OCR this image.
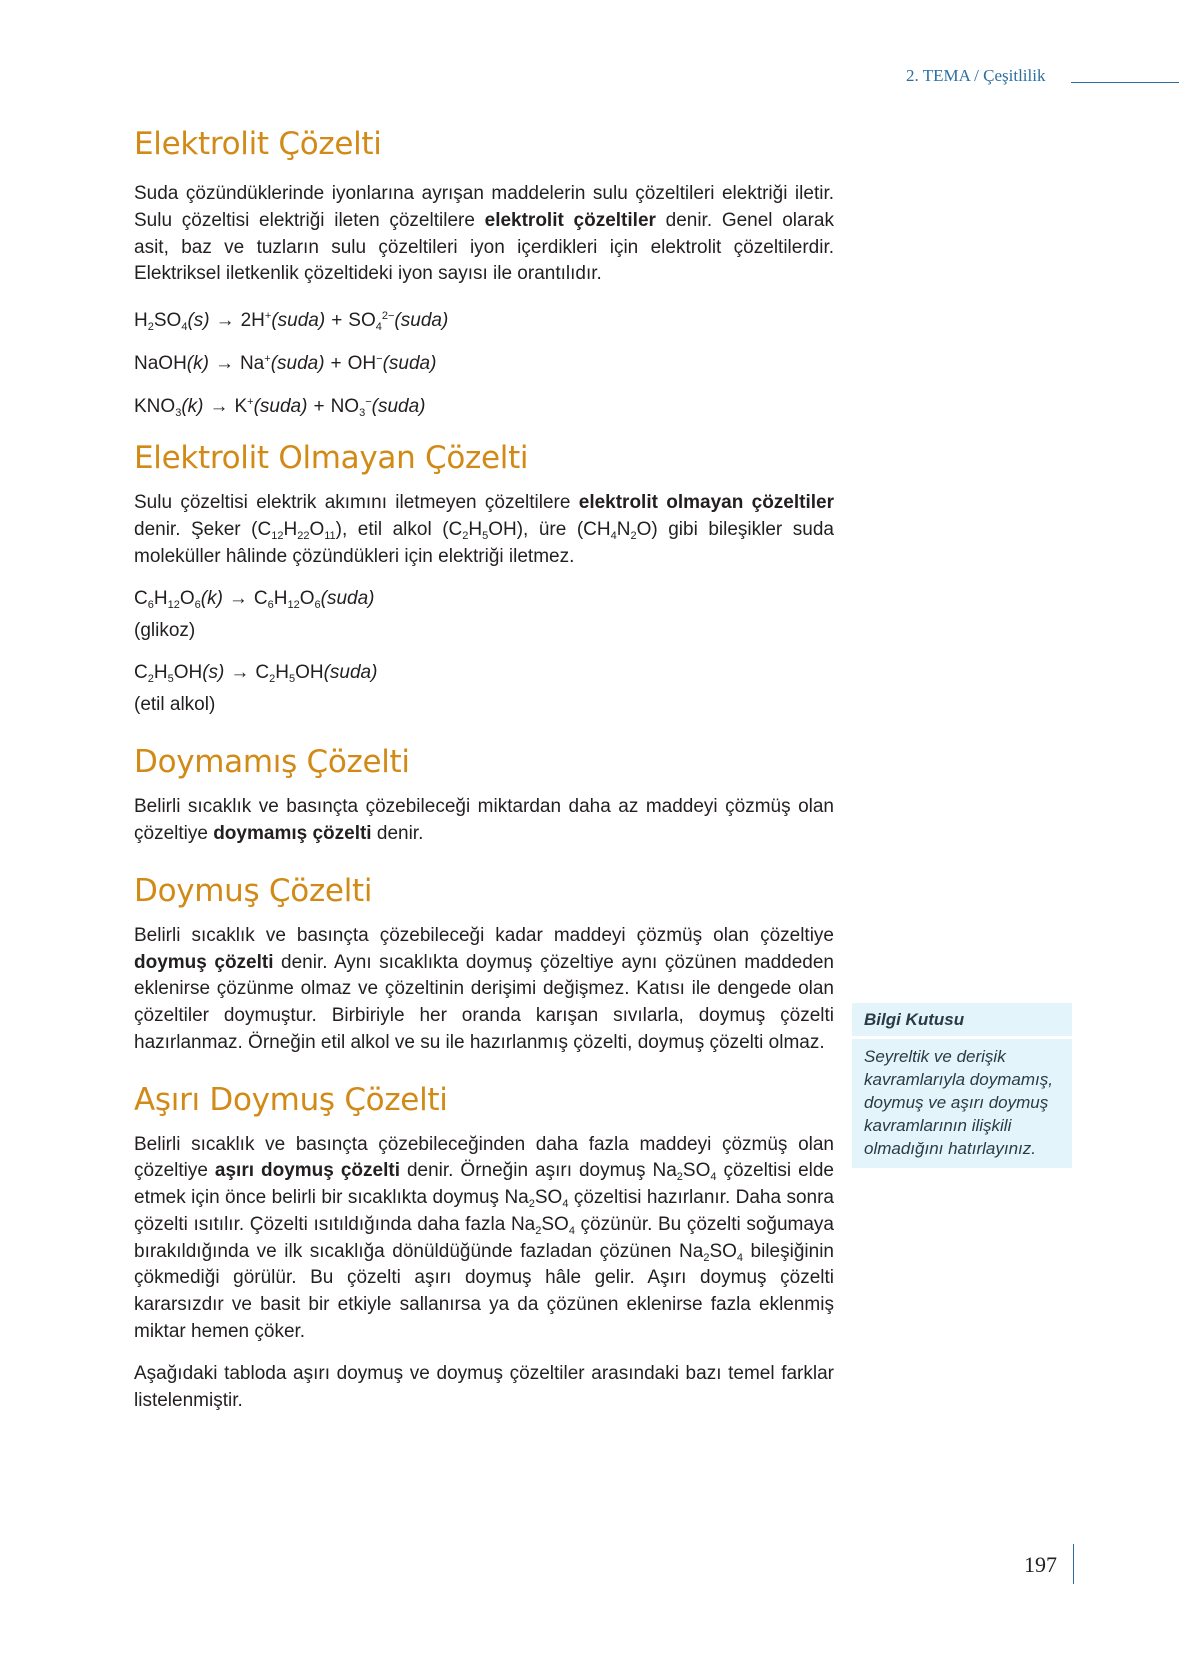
2. TEMA / Çeşitlilik
Elektrolit Çözelti

Suda çözündüklerinde iyonlarına ayrışan maddelerin sulu çözeltileri elektriği iletir. Sulu çözeltisi elektriği ileten çözeltilere elektrolit çözeltiler denir. Genel olarak asit, baz ve tuzların sulu çözeltileri iyon içerdikleri için elektrolit çözeltilerdir. Elektriksel iletkenlik çözeltideki iyon sayısı ile orantılıdır.

$H_2SO_4(s)$ → 2H+(suda) + $SO_4^{2-}(suda)$
NaOH(k) → Na+(suda) + OH−(suda)
$KNO_3(k)$ → K+(suda) + $NO_3^-(suda)$
Elektrolit Olmayan Çözelti

Sulu çözeltisi elektrik akımını iletmeyen çözeltilere elektrolit olmayan çözeltiler denir. Şeker $(C_{12}H_{22}O_{11})$, etil alkol $(C_2H_5OH)$, üre $(CH_4N_2O)$ gibi bileşikler suda moleküller hâlinde çözündükleri için elektriği iletmez.

$C_6H_{12}O_6(k)$ → $C_6H_{12}O_6(suda)$
(glikoz)
$C_2H_5OH(s)$ → $C_2H_5OH(suda)$
(etil alkol)
Doymamış Çözelti

Belirli sıcaklık ve basınçta çözebileceği miktardan daha az maddeyi çözmüş olan çözeltiye doymamış çözelti denir.

Doymuş Çözelti

Belirli sıcaklık ve basınçta çözebileceği kadar maddeyi çözmüş olan çözeltiye doymuş çözelti denir. Aynı sıcaklıkta doymuş çözeltiye aynı çözünen maddeden eklenirse çözünme olmaz ve çözeltinin derişimi değişmez. Katısı ile dengede olan çözeltiler doymuştur. Birbiriyle her oranda karışan sıvılarla, doymuş çözelti hazırlanmaz. Örneğin etil alkol ve su ile hazırlanmış çözelti, doymuş çözelti olmaz.

Aşırı Doymuş Çözelti

Belirli sıcaklık ve basınçta çözebileceğinden daha fazla maddeyi çözmüş olan çözeltiye aşırı doymuş çözelti denir. Örneğin aşırı doymuş $Na_2SO_4$ çözeltisi elde etmek için önce belirli bir sıcaklıkta doymuş $Na_2SO_4$ çözeltisi hazırlanır. Daha sonra çözelti ısıtılır. Çözelti ısıtıldığında daha fazla $Na_2SO_4$ çözünür. Bu çözelti soğumaya bırakıldığında ve ilk sıcaklığa dönüldüğünde fazladan çözünen $Na_2SO_4$ bileşiğinin çökmediği görülür. Bu çözelti aşırı doymuş hâle gelir. Aşırı doymuş çözelti kararsızdır ve basit bir etkiyle sallanırsa ya da çözünen eklenirse fazla eklenmiş miktar hemen çöker.

Aşağıdaki tabloda aşırı doymuş ve doymuş çözeltiler arasındaki bazı temel farklar listelenmiştir.

Bilgi Kutusu
Seyreltik ve derişik kavramlarıyla doymamış, doymuş ve aşırı doymuş kavramlarının ilişkili olmadığını hatırlayınız.
197
